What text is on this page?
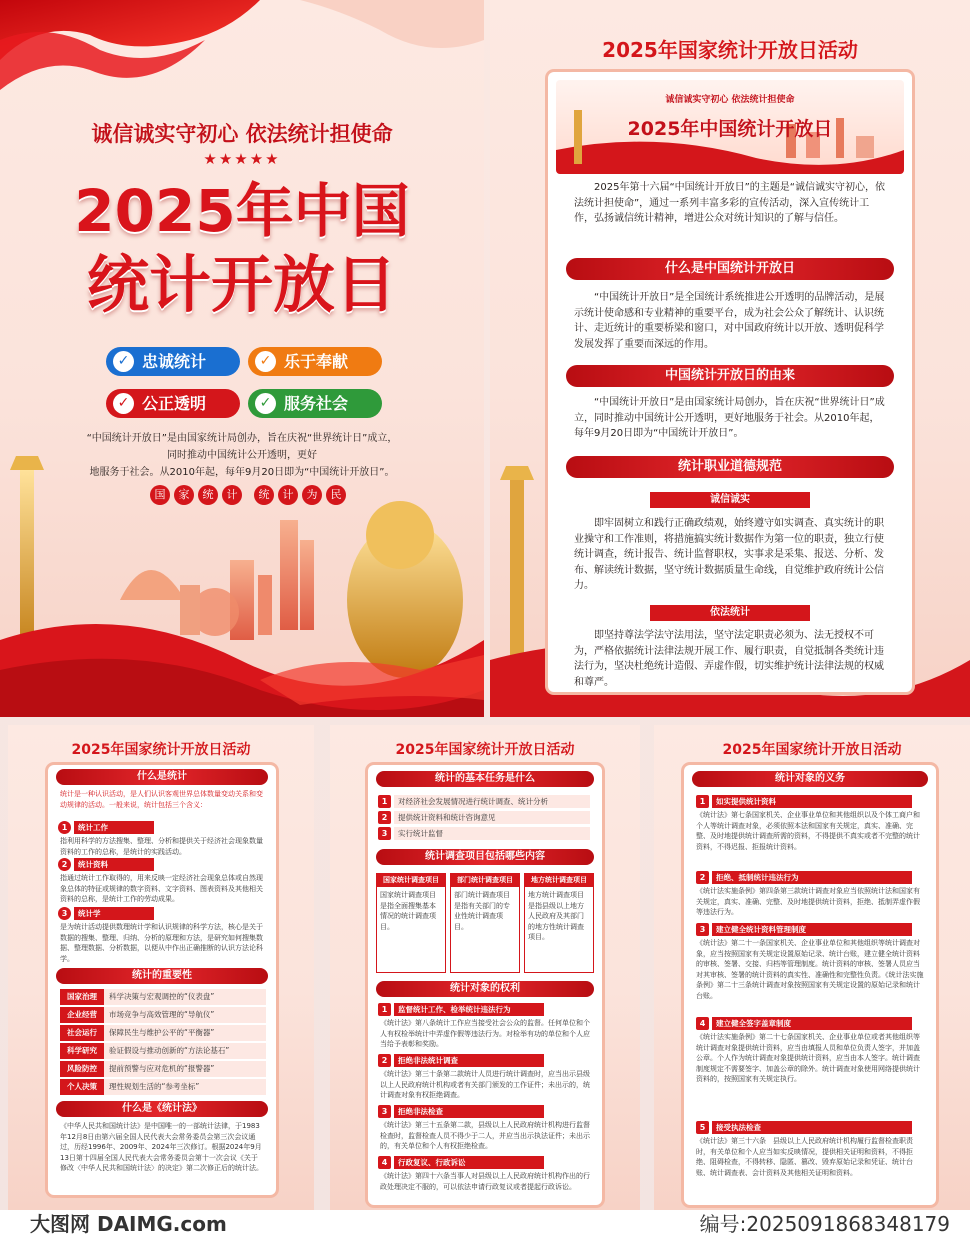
诚信诚实守初心 依法统计担使命
★★★★★
2025年中国
统计开放日
✓ 忠诚统计	✓ 乐于奉献
✓ 公正透明	✓ 服务社会
“中国统计开放日”是由国家统计局创办，旨在庆祝“世界统计日”成立，
同时推动中国统计公开透明，更好
地服务于社会。从2010年起，每年9月20日即为“中国统计开放日”。
国	家	统	计	统	计	为	民
2025年国家统计开放日活动
诚信诚实守初心 依法统计担使命
2025年中国统计开放日
2025年第十六届“中国统计开放日”的主题是“诚信诚实守初心，依法统计担使命”，通过一系列丰富多彩的宣传活动，深入宣传统计工作，弘扬诚信统计精神，增进公众对统计知识的了解与信任。
什么是中国统计开放日
“中国统计开放日”是全国统计系统推进公开透明的品牌活动，是展示统计使命感和专业精神的重要平台，成为社会公众了解统计、认识统计、走近统计的重要桥梁和窗口，对中国政府统计以开放、透明促科学发展发挥了重要而深远的作用。
中国统计开放日的由来
“中国统计开放日”是由国家统计局创办，旨在庆祝“世界统计日”成立，同时推动中国统计公开透明，更好地服务于社会。从2010年起，每年9月20日即为“中国统计开放日”。
统计职业道德规范
诚信诚实
即牢固树立和践行正确政绩观，始终遵守如实调查、真实统计的职业操守和工作准则，将措施搞实统计数据作为第一位的职责，独立行使统计调查，统计报告、统计监督职权，实事求是采集、报送、分析、发布、解读统计数据，坚守统计数据质量生命线，自觉维护政府统计公信力。
依法统计
即坚持尊法学法守法用法，坚守法定职责必须为、法无授权不可为，严格依据统计法律法规开展工作、履行职责，自觉抵制各类统计违法行为，坚决杜绝统计造假、弄虚作假，切实维护统计法律法规的权威和尊严。
2025年国家统计开放日活动
什么是统计
统计是一种认识活动，是人们认识客观世界总体数量变动关系和变动规律的活动。一般来说，统计包括三个含义：
1	统计工作
指利用科学的方法搜集、整理、分析和提供关于经济社会现象数量资料的工作的总称，是统计的实践活动。
2	统计资料
指通过统计工作取得的，用来反映一定经济社会现象总体或自然现象总体的特征或规律的数字资料、文字资料、图表资料及其他相关资料的总称，是统计工作的劳动成果。
3	统计学
是为统计活动提供数理统计学和认识规律的科学方法，核心是关于数据的搜集、整理、归纳、分析的原理和方法，是研究如何搜集数据、整理数据、分析数据，以便从中作出正确推断的认识方法论科学。
统计的重要性
国家治理	科学决策与宏观调控的“仪表盘”
企业经营	市场竞争与高效管理的“导航仪”
社会运行	保障民生与维护公平的“平衡器”
科学研究	验证假设与推动创新的“方法论基石”
风险防控	提前预警与应对危机的“报警器”
个人决策	理性规划生活的“参考坐标”
什么是《统计法》
《中华人民共和国统计法》是中国唯一的一部统计法律，于1983年12月8日由第六届全国人民代表大会常务委员会第三次会议通过，历经1996年、2009年、2024年三次修订。根据2024年9月13日第十四届全国人民代表大会常务委员会第十一次会议《关于修改〈中华人民共和国统计法〉的决定》第二次修正后的统计法。
2025年国家统计开放日活动
统计的基本任务是什么
1	对经济社会发展情况进行统计调查、统计分析
2	提供统计资料和统计咨询意见
3	实行统计监督
统计调查项目包括哪些内容
国家统计调查项目
国家统计调查项目是指全面搜集基本情况的统计调查项目。
部门统计调查项目
部门统计调查项目是指有关部门的专业性统计调查项目。
地方统计调查项目
地方统计调查项目是指县级以上地方人民政府及其部门的地方性统计调查项目。
统计对象的权利
1	监督统计工作、检举统计违法行为
《统计法》第八条统计工作应当接受社会公众的监督。任何单位和个人有权检举统计中弄虚作假等违法行为。对检举有功的单位和个人应当给予表彰和奖励。
2	拒绝非法统计调查
《统计法》第三十条第二款统计人员进行统计调查时，应当出示县级以上人民政府统计机构或者有关部门颁发的工作证件；未出示的，统计调查对象有权拒绝调查。
3	拒绝非法检查
《统计法》第三十五条第二款，县级以上人民政府统计机构进行监督检查时，监督检查人员不得少于二人，并应当出示执法证件；未出示的，有关单位和个人有权拒绝检查。
4	行政复议、行政诉讼
《统计法》第四十六条当事人对县级以上人民政府统计机构作出的行政处理决定不服的，可以依法申请行政复议或者提起行政诉讼。
2025年国家统计开放日活动
统计对象的义务
1	如实提供统计资料
《统计法》第七条国家机关、企业事业单位和其他组织以及个体工商户和个人等统计调查对象，必须依照本法和国家有关规定，真实、准确、完整、及时地提供统计调查所需的资料，不得提供不真实或者不完整的统计资料，不得迟报、拒报统计资料。
2	拒绝、抵制统计违法行为
《统计法实施条例》第四条第三款统计调查对象应当依照统计法和国家有关规定，真实、准确、完整、及时地提供统计资料，拒绝、抵制弄虚作假等违法行为。
3	建立健全统计资料管理制度
《统计法》第二十一条国家机关、企业事业单位和其他组织等统计调查对象，应当按照国家有关规定设置原始记录、统计台账，建立健全统计资料的审核、签署、交接、归档等管理制度。统计资料的审核、签署人员应当对其审核、签署的统计资料的真实性、准确性和完整性负责。《统计法实施条例》第二十三条统计调查对象按照国家有关规定设置的原始记录和统计台账。
4	建立健全签字盖章制度
《统计法实施条例》第二十七条国家机关、企业事业单位或者其他组织等统计调查对象提供统计资料，应当由填报人员和单位负责人签字，并加盖公章。个人作为统计调查对象提供统计资料，应当由本人签字。统计调查制度规定不需要签字、加盖公章的除外。统计调查对象使用网络提供统计资料的，按照国家有关规定执行。
5	接受执法检查
《统计法》第三十六条　县级以上人民政府统计机构履行监督检查职责时，有关单位和个人应当如实反映情况，提供相关证明和资料，不得拒绝、阻碍检查，不得转移、隐匿、篡改、毁弃原始记录和凭证、统计台账、统计调查表、会计资料及其他相关证明和资料。
大图网 DAIMG.com	编号:20250918683481​79
